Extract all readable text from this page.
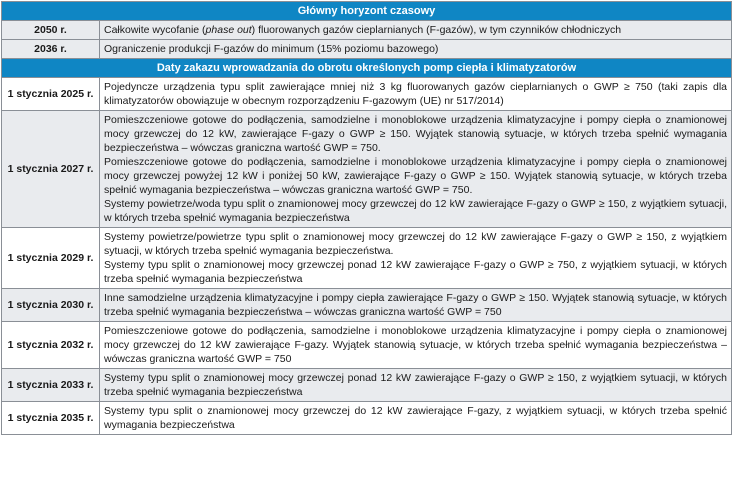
Główny horyzont czasowy	
2050 r.	Całkowite wycofanie (phase out) fluorowanych gazów cieplarnianych (F-gazów), w tym czynników chłodniczych
2036 r.	Ograniczenie produkcji F-gazów do minimum (15% poziomu bazowego)
Daty zakazu wprowadzania do obrotu określonych pomp ciepła i klimatyzatorów	
1 stycznia 2025 r.	Pojedyncze urządzenia typu split zawierające mniej niż 3 kg fluorowanych gazów cieplarnianych o GWP ≥ 750 (taki zapis dla klimatyzatorów obowiązuje w obecnym rozporządzeniu F-gazowym (UE) nr 517/2014)

1 stycznia 2027 r.	Pomieszczeniowe gotowe do podłączenia, samodzielne i monoblokowe urządzenia klimatyzacyjne i pompy ciepła o znamionowej mocy grzewczej do 12 kW, zawierające F-gazy o GWP ≥ 150. Wyjątek stanowią sytuacje, w których trzeba spełnić wymagania bezpieczeństwa – wówczas graniczna wartość GWP = 750.
Pomieszczeniowe gotowe do podłączenia, samodzielne i monoblokowe urządzenia klimatyzacyjne i pompy ciepła o znamionowej mocy grzewczej powyżej 12 kW i poniżej 50 kW, zawierające F-gazy o GWP ≥ 150. Wyjątek stanowią sytuacje, w których trzeba spełnić wymagania bezpieczeństwa – wówczas graniczna wartość GWP = 750.
Systemy powietrze/woda typu split o znamionowej mocy grzewczej do 12 kW zawierające F-gazy o GWP ≥ 150, z wyjątkiem sytuacji, w których trzeba spełnić wymagania bezpieczeństwa

1 stycznia 2029 r.	Systemy powietrze/powietrze typu split o znamionowej mocy grzewczej do 12 kW zawierające F-gazy o GWP ≥ 150, z wyjątkiem sytuacji, w których trzeba spełnić wymagania bezpieczeństwa.
Systemy typu split o znamionowej mocy grzewczej ponad 12 kW zawierające F-gazy o GWP ≥ 750, z wyjątkiem sytuacji, w których trzeba spełnić wymagania bezpieczeństwa

1 stycznia 2030 r.	Inne samodzielne urządzenia klimatyzacyjne i pompy ciepła zawierające F-gazy o GWP ≥ 150. Wyjątek stanowią sytuacje, w których trzeba spełnić wymagania bezpieczeństwa – wówczas graniczna wartość GWP = 750

1 stycznia 2032 r.	Pomieszczeniowe gotowe do podłączenia, samodzielne i monoblokowe urządzenia klimatyzacyjne i pompy ciepła o znamionowej mocy grzewczej do 12 kW zawierające F-gazy. Wyjątek stanowią sytuacje, w których trzeba spełnić wymagania bezpieczeństwa – wówczas graniczna wartość GWP = 750

1 stycznia 2033 r.	Systemy typu split o znamionowej mocy grzewczej ponad 12 kW zawierające F-gazy o GWP ≥ 150, z wyjątkiem sytuacji, w których trzeba spełnić wymagania bezpieczeństwa

1 stycznia 2035 r.	Systemy typu split o znamionowej mocy grzewczej do 12 kW zawierające F-gazy, z wyjątkiem sytuacji, w których trzeba spełnić wymagania bezpieczeństwa
